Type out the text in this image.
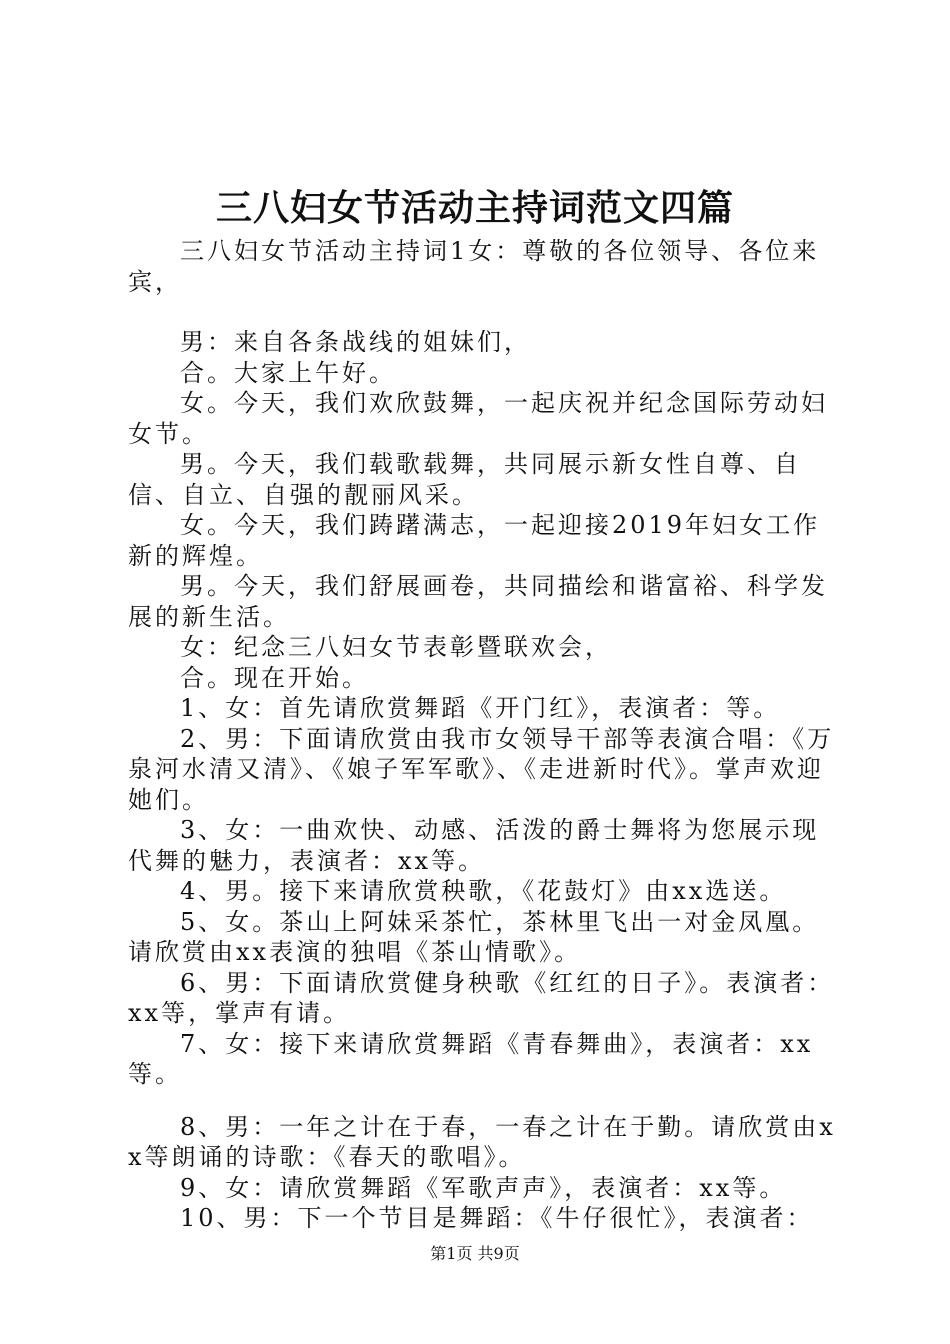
三八妇女节活动主持词范文四篇

三八妇女节活动主持词1女：尊敬的各位领导、各位来宾，

男：来自各条战线的姐妹们，

合。大家上午好。

女。今天，我们欢欣鼓舞，一起庆祝并纪念国际劳动妇女节。

男。今天，我们载歌载舞，共同展示新女性自尊、自信、自立、自强的靓丽风采。

女。今天，我们踌躇满志，一起迎接2019年妇女工作新的辉煌。

男。今天，我们舒展画卷，共同描绘和谐富裕、科学发展的新生活。

女：纪念三八妇女节表彰暨联欢会，

合。现在开始。

1、女：首先请欣赏舞蹈《开门红》，表演者：等。

2、男：下面请欣赏由我市女领导干部等表演合唱：《万泉河水清又清》、《娘子军军歌》、《走进新时代》。掌声欢迎她们。

3、女：一曲欢快、动感、活泼的爵士舞将为您展示现代舞的魅力，表演者：xx等。

4、男。接下来请欣赏秧歌，《花鼓灯》由xx选送。

5、女。茶山上阿妹采茶忙，茶林里飞出一对金凤凰。请欣赏由xx表演的独唱《茶山情歌》。

6、男：下面请欣赏健身秧歌《红红的日子》。表演者：xx等，掌声有请。

7、女：接下来请欣赏舞蹈《青春舞曲》，表演者：xx等。

8、男：一年之计在于春，一春之计在于勤。请欣赏由xx等朗诵的诗歌：《春天的歌唱》。

9、女：请欣赏舞蹈《军歌声声》，表演者：xx等。

10、男：下一个节目是舞蹈：《牛仔很忙》，表演者：

第1页 共9页
